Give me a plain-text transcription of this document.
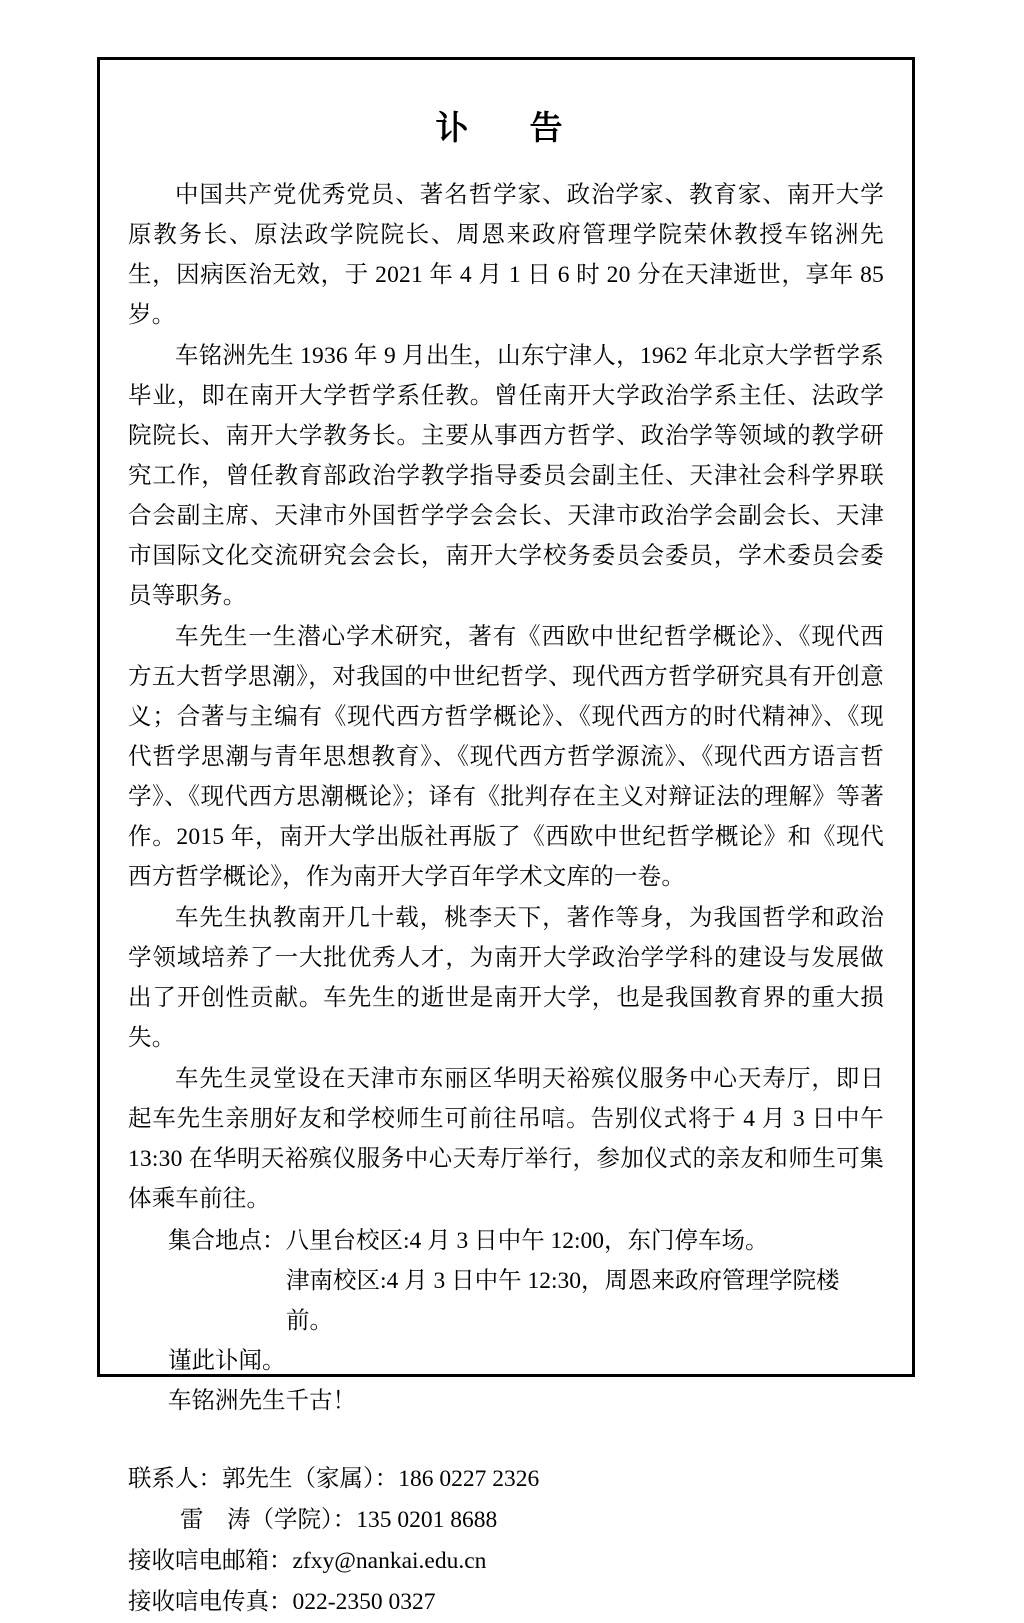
讣　告

中国共产党优秀党员、著名哲学家、政治学家、教育家、南开大学原教务长、原法政学院院长、周恩来政府管理学院荣休教授车铭洲先生，因病医治无效，于 2021 年 4 月 1 日 6 时 20 分在天津逝世，享年 85 岁。

车铭洲先生 1936 年 9 月出生，山东宁津人，1962 年北京大学哲学系毕业，即在南开大学哲学系任教。曾任南开大学政治学系主任、法政学院院长、南开大学教务长。主要从事西方哲学、政治学等领域的教学研究工作，曾任教育部政治学教学指导委员会副主任、天津社会科学界联合会副主席、天津市外国哲学学会会长、天津市政治学会副会长、天津市国际文化交流研究会会长，南开大学校务委员会委员，学术委员会委员等职务。

车先生一生潜心学术研究，著有《西欧中世纪哲学概论》、《现代西方五大哲学思潮》，对我国的中世纪哲学、现代西方哲学研究具有开创意义；合著与主编有《现代西方哲学概论》、《现代西方的时代精神》、《现代哲学思潮与青年思想教育》、《现代西方哲学源流》、《现代西方语言哲学》、《现代西方思潮概论》；译有《批判存在主义对辩证法的理解》等著作。2015 年，南开大学出版社再版了《西欧中世纪哲学概论》和《现代西方哲学概论》，作为南开大学百年学术文库的一卷。

车先生执教南开几十载，桃李天下，著作等身，为我国哲学和政治学领域培养了一大批优秀人才，为南开大学政治学学科的建设与发展做出了开创性贡献。车先生的逝世是南开大学，也是我国教育界的重大损失。

车先生灵堂设在天津市东丽区华明天裕殡仪服务中心天寿厅，即日起车先生亲朋好友和学校师生可前往吊唁。告别仪式将于 4 月 3 日中午 13:30 在华明天裕殡仪服务中心天寿厅举行，参加仪式的亲友和师生可集体乘车前往。

集合地点：八里台校区:4 月 3 日中午 12:00，东门停车场。

津南校区:4 月 3 日中午 12:30，周恩来政府管理学院楼前。

谨此讣闻。

车铭洲先生千古！

联系人：郭先生（家属）：186 0227 2326

雷　涛（学院）：135 0201 8688

接收唁电邮箱：zfxy@nankai.edu.cn

接收唁电传真：022-2350 0327
